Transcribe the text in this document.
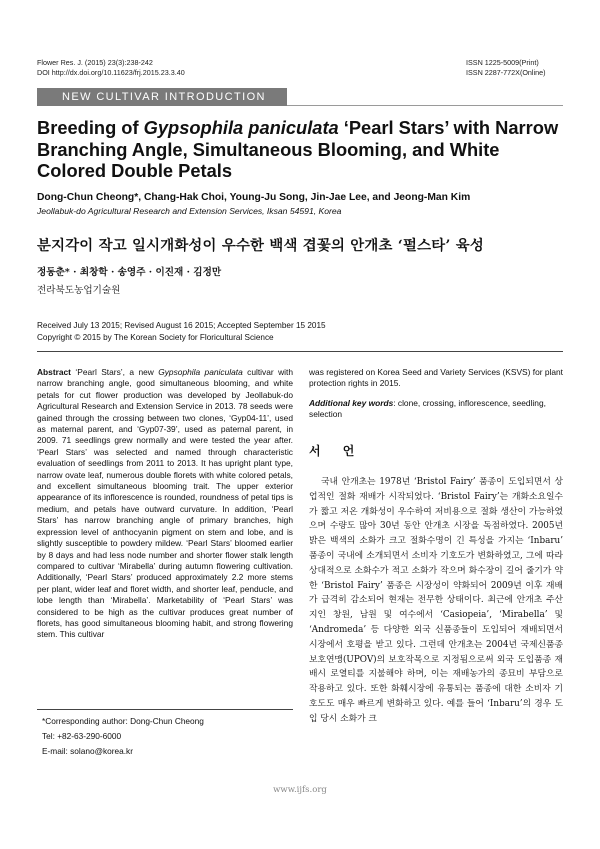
Flower Res. J. (2015) 23(3):238-242
DOI http://dx.doi.org/10.11623/frj.2015.23.3.40
ISSN 1225-5009(Print)
ISSN 2287-772X(Online)
NEW CULTIVAR INTRODUCTION
Breeding of Gypsophila paniculata ‘Pearl Stars’ with Narrow Branching Angle, Simultaneous Blooming, and White Colored Double Petals
Dong-Chun Cheong*, Chang-Hak Choi, Young-Ju Song, Jin-Jae Lee, and Jeong-Man Kim
Jeollabuk-do Agricultural Research and Extension Services, Iksan 54591, Korea
분지각이 작고 일시개화성이 우수한 백색 겹꽃의 안개초 ‘펄스타’ 육성
정동춘* · 최창학 · 송영주 · 이진재 · 김정만
전라북도농업기술원
Received July 13 2015; Revised August 16 2015; Accepted September 15 2015
Copyright © 2015 by The Korean Society for Floricultural Science
Abstract ‘Pearl Stars’, a new Gypsophila paniculata cultivar with narrow branching angle, good simultaneous blooming, and white petals for cut flower production was developed by Jeollabuk-do Agricultural Research and Extension Service in 2013. 78 seeds were gained through the crossing between two clones, ‘Gyp04-11’, used as maternal parent, and ‘Gyp07-39’, used as paternal parent, in 2009. 71 seedlings grew normally and were tested the year after. ‘Pearl Stars’ was selected and named through characteristic evaluation of seedlings from 2011 to 2013. It has upright plant type, narrow ovate leaf, numerous double florets with white colored petals, and excellent simultaneous blooming trait. The upper exterior appearance of its inflorescence is rounded, roundness of petal tips is medium, and petals have outward curvature. In addition, ‘Pearl Stars’ has narrow branching angle of primary branches, high expression level of anthocyanin pigment on stem and lobe, and is slightly susceptible to powdery mildew. ‘Pearl Stars’ bloomed earlier by 8 days and had less node number and shorter flower stalk length compared to cultivar ‘Mirabella’ during autumn flowering cultivation. Additionally, ‘Pearl Stars’ produced approximately 2.2 more stems per plant, wider leaf and floret width, and shorter leaf, penducle, and lobe length than ‘Mirabella’. Marketability of ‘Pearl Stars’ was considered to be high as the cultivar produces great number of florets, has good simultaneous blooming habit, and strong flowering stem. This cultivar
*Corresponding author: Dong-Chun Cheong
Tel: +82-63-290-6000
E-mail: solano@korea.kr
was registered on Korea Seed and Variety Services (KSVS) for plant protection rights in 2015.
Additional key words: clone, crossing, inflorescence, seedling, selection
서 언
국내 안개초는 1978년 ‘Bristol Fairy’ 품종이 도입되면서 상업적인 절화 재배가 시작되었다. ‘Bristol Fairy’는 개화소요일수가 짧고 저온 개화성이 우수하여 저비용으로 절화 생산이 가능하였으며 수량도 많아 30년 동안 안개초 시장을 독점하였다. 2005년 밝은 백색의 소화가 크고 절화수명이 긴 특성을 가지는 ‘Inbaru’ 품종이 국내에 소개되면서 소비자 기호도가 변화하였고, 그에 따라 상대적으로 소화수가 적고 소화가 작으며 화수장이 길어 줄기가 약한 ‘Bristol Fairy’ 품종은 시장성이 약화되어 2009년 이후 재배가 급격히 감소되어 현재는 전무한 상태이다. 최근에 안개초 주산지인 창원, 남원 및 여수에서 ‘Casiopeia’, ‘Mirabella’ 및 ‘Andromeda’ 등 다양한 외국 신품종들이 도입되어 재배되면서 시장에서 호평을 받고 있다. 그런데 안개초는 2004년 국제신품종보호연맹(UPOV)의 보호작목으로 지정됨으로써 외국 도입품종 재배시 로열티를 지불해야 하며, 이는 재배농가의 종묘비 부담으로 작용하고 있다. 또한 화훼시장에 유통되는 품종에 대한 소비자 기호도도 매우 빠르게 변화하고 있다. 예를 들어 ‘Inbaru’의 경우 도입 당시 소화가 크
www.ijfs.org
